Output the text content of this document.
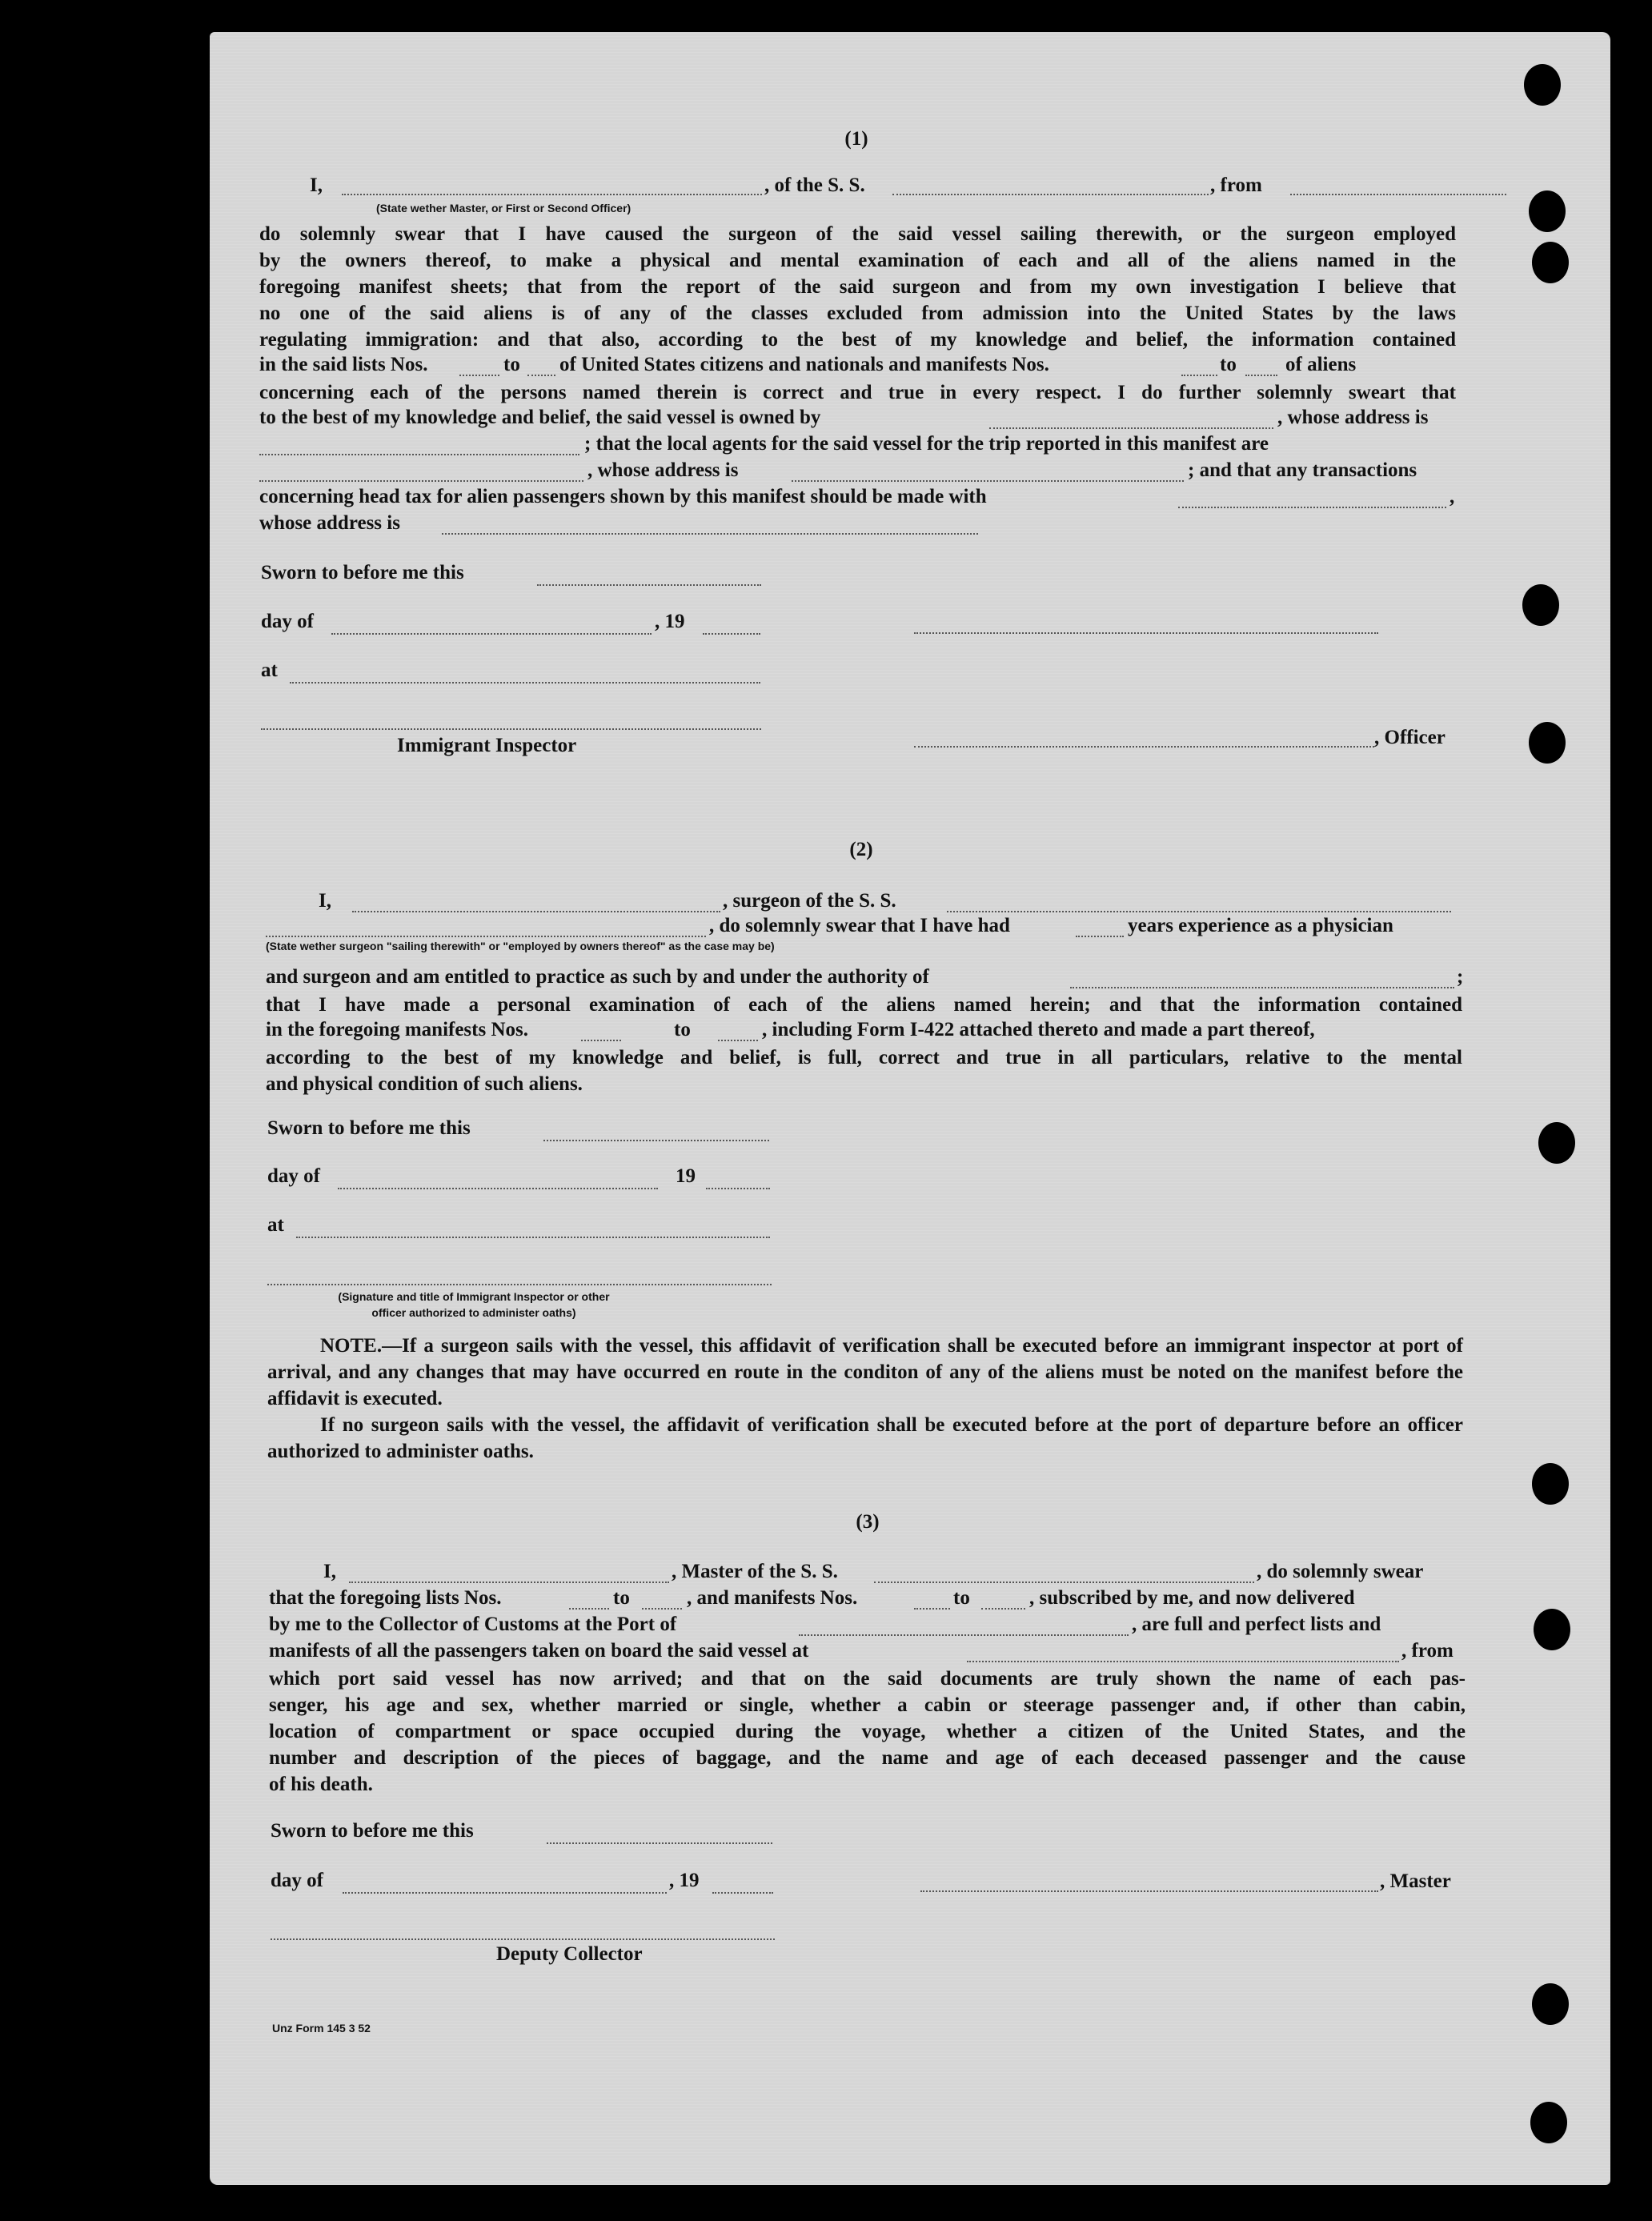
(1)
I,	, of the S. S.	, from
(State wether Master, or First or Second Officer)

do solemnly swear that I have caused the surgeon of the said vessel sailing therewith, or the surgeon employed

by the owners thereof, to make a physical and mental examination of each and all of the aliens named in the

foregoing manifest sheets; that from the report of the said surgeon and from my own investigation I believe that

no one of the said aliens is of any of the classes excluded from admission into the United States by the laws

regulating immigration: and that also, according to the best of my knowledge and belief, the information contained

in the said lists Nos.	to of United States citizens and nationals and manifests Nos.	to of aliens

concerning each of the persons named therein is correct and true in every respect. I do further solemnly sweart that

to the best of my knowledge and belief, the said vessel is owned by	, whose address is
; that the local agents for the said vessel for the trip reported in this manifest are
, whose address is	; and that any transactions
concerning head tax for alien passengers shown by this manifest should be made with	,
whose address is
Sworn to before me this
day of	, 19
at
Immigrant Inspector	, Officer
(2)
I,	, surgeon of the S. S.
, do solemnly swear that I have had	years experience as a physician
(State wether surgeon "sailing therewith" or "employed by owners thereof" as the case may be)
and surgeon and am entitled to practice as such by and under the authority of	;

that I have made a personal examination of each of the aliens named herein; and that the information contained

in the foregoing manifests Nos.	to	, including Form I-422 attached thereto and made a part thereof,

according to the best of my knowledge and belief, is full, correct and true in all particulars, relative to the mental

and physical condition of such aliens.

Sworn to before me this
day of	19
at
(Signature and title of Immigrant Inspector or other officer authorized to administer oaths)

NOTE.—If a surgeon sails with the vessel, this affidavit of verification shall be executed before an immigrant inspector at port of arrival, and any changes that may have occurred en route in the conditon of any of the aliens must be noted on the manifest before the affidavit is executed.

If no surgeon sails with the vessel, the affidavit of verification shall be executed before at the port of departure before an officer authorized to administer oaths.

(3)
I,	, Master of the S. S.	, do solemnly swear
that the foregoing lists Nos.	to	, and manifests Nos.	to	, subscribed by me, and now delivered
by me to the Collector of Customs at the Port of	, are full and perfect lists and
manifests of all the passengers taken on board the said vessel at	, from

which port said vessel has now arrived; and that on the said documents are truly shown the name of each pas-

senger, his age and sex, whether married or single, whether a cabin or steerage passenger and, if other than cabin,

location of compartment or space occupied during the voyage, whether a citizen of the United States, and the

number and description of the pieces of baggage, and the name and age of each deceased passenger and the cause

of his death.

Sworn to before me this
day of	, 19	, Master
Deputy Collector
Unz Form 145 3 52
